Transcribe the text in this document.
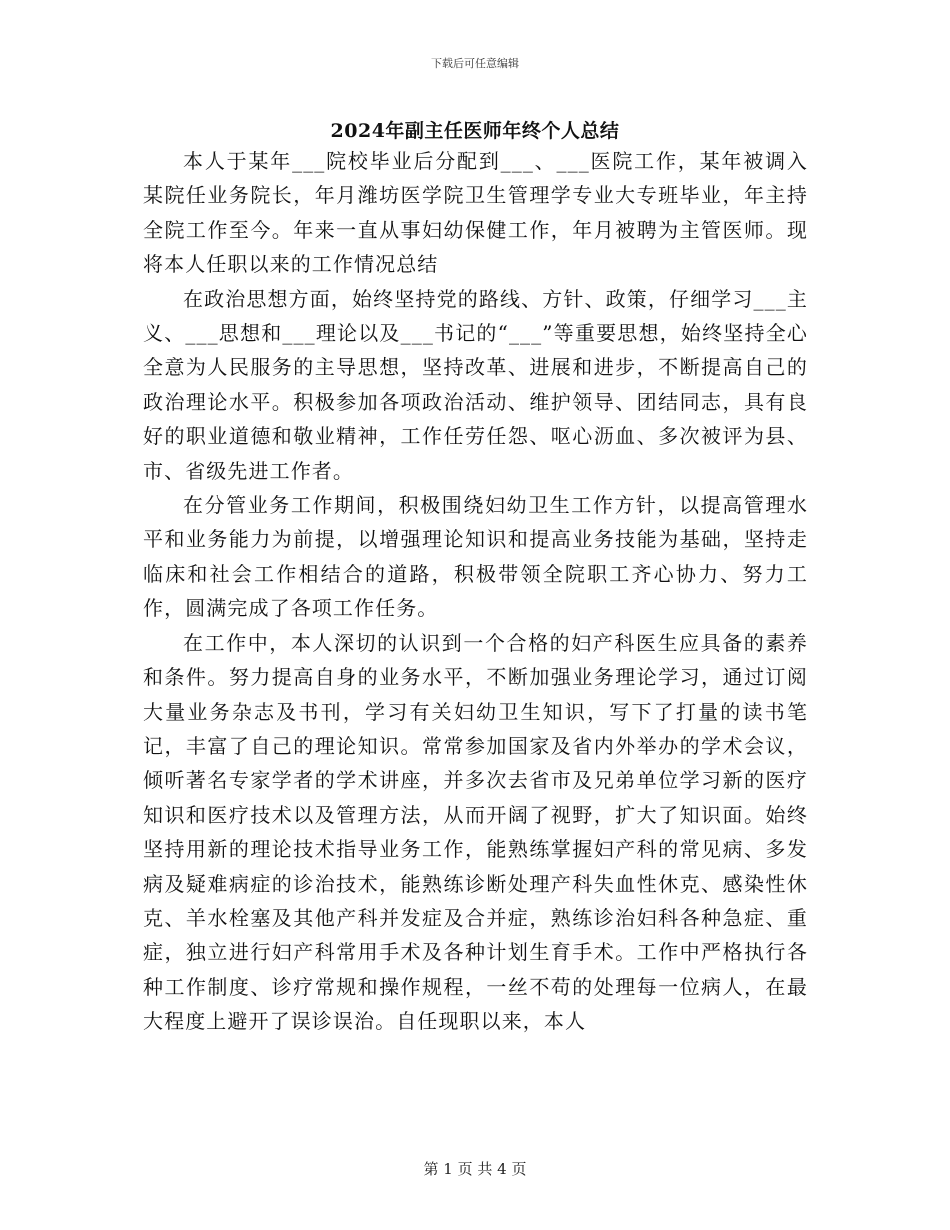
下载后可任意编辑
2024年副主任医师年终个人总结

本人于某年___院校毕业后分配到___、___医院工作，某年被调入某院任业务院长，年月潍坊医学院卫生管理学专业大专班毕业，年主持全院工作至今。年来一直从事妇幼保健工作，年月被聘为主管医师。现将本人任职以来的工作情况总结

在政治思想方面，始终坚持党的路线、方针、政策，仔细学习___主义、___思想和___理论以及___书记的“___”等重要思想，始终坚持全心全意为人民服务的主导思想，坚持改革、进展和进步，不断提高自己的政治理论水平。积极参加各项政治活动、维护领导、团结同志，具有良好的职业道德和敬业精神，工作任劳任怨、呕心沥血、多次被评为县、市、省级先进工作者。

在分管业务工作期间，积极围绕妇幼卫生工作方针，以提高管理水平和业务能力为前提，以增强理论知识和提高业务技能为基础，坚持走临床和社会工作相结合的道路，积极带领全院职工齐心协力、努力工作，圆满完成了各项工作任务。

在工作中，本人深切的认识到一个合格的妇产科医生应具备的素养和条件。努力提高自身的业务水平，不断加强业务理论学习，通过订阅大量业务杂志及书刊，学习有关妇幼卫生知识，写下了打量的读书笔记，丰富了自己的理论知识。常常参加国家及省内外举办的学术会议，倾听著名专家学者的学术讲座，并多次去省市及兄弟单位学习新的医疗知识和医疗技术以及管理方法，从而开阔了视野，扩大了知识面。始终坚持用新的理论技术指导业务工作，能熟练掌握妇产科的常见病、多发病及疑难病症的诊治技术，能熟练诊断处理产科失血性休克、感染性休克、羊水栓塞及其他产科并发症及合并症，熟练诊治妇科各种急症、重症，独立进行妇产科常用手术及各种计划生育手术。工作中严格执行各种工作制度、诊疗常规和操作规程，一丝不苟的处理每一位病人，在最大程度上避开了误诊误治。自任现职以来，本人

第 1 页 共 4 页
